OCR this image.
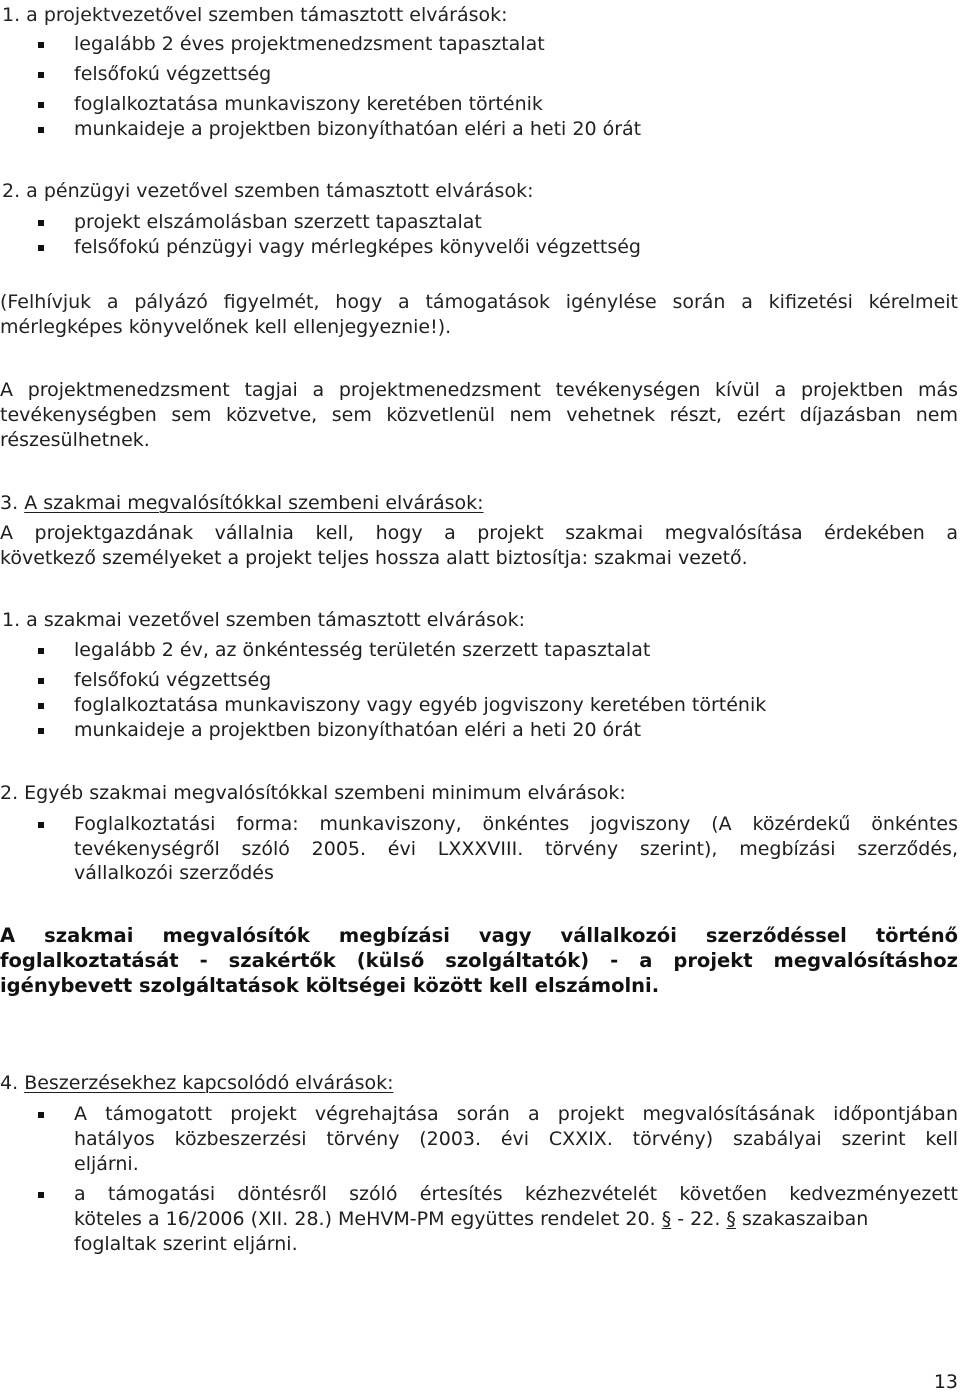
1. a projektvezetővel szemben támasztott elvárások:
legalább 2 éves projektmenedzsment tapasztalat
felsőfokú végzettség
foglalkoztatása munkaviszony keretében történik
munkaideje a projektben bizonyíthatóan eléri a heti 20 órát
2. a pénzügyi vezetővel szemben támasztott elvárások:
projekt elszámolásban szerzett tapasztalat
felsőfokú pénzügyi vagy mérlegképes könyvelői végzettség
(Felhívjuk a pályázó figyelmét, hogy a támogatások igénylése során a kifizetési kérelmeit
mérlegképes könyvelőnek kell ellenjegyeznie!).
A projektmenedzsment tagjai a projektmenedzsment tevékenységen kívül a projektben más
tevékenységben sem közvetve, sem közvetlenül nem vehetnek részt, ezért díjazásban nem
részesülhetnek.
3. A szakmai megvalósítókkal szembeni elvárások:
A projektgazdának vállalnia kell, hogy a projekt szakmai megvalósítása érdekében a
következő személyeket a projekt teljes hossza alatt biztosítja: szakmai vezető.
1. a szakmai vezetővel szemben támasztott elvárások:
legalább 2 év, az önkéntesség területén szerzett tapasztalat
felsőfokú végzettség
foglalkoztatása munkaviszony vagy egyéb jogviszony keretében történik
munkaideje a projektben bizonyíthatóan eléri a heti 20 órát
2. Egyéb szakmai megvalósítókkal szembeni minimum elvárások:
Foglalkoztatási forma: munkaviszony, önkéntes jogviszony (A közérdekű önkéntes
tevékenységről szóló 2005. évi LXXXVIII. törvény szerint), megbízási szerződés,
vállalkozói szerződés
A szakmai megvalósítók megbízási vagy vállalkozói szerződéssel történő
foglalkoztatását - szakértők (külső szolgáltatók) - a projekt megvalósításhoz
igénybevett szolgáltatások költségei között kell elszámolni.
4. Beszerzésekhez kapcsolódó elvárások:
A támogatott projekt végrehajtása során a projekt megvalósításának időpontjában
hatályos közbeszerzési törvény (2003. évi CXXIX. törvény) szabályai szerint kell
eljárni.
a támogatási döntésről szóló értesítés kézhezvételét követően kedvezményezett
köteles a 16/2006 (XII. 28.) MeHVM-PM együttes rendelet 20. § - 22. § szakaszaiban
foglaltak szerint eljárni.
13
